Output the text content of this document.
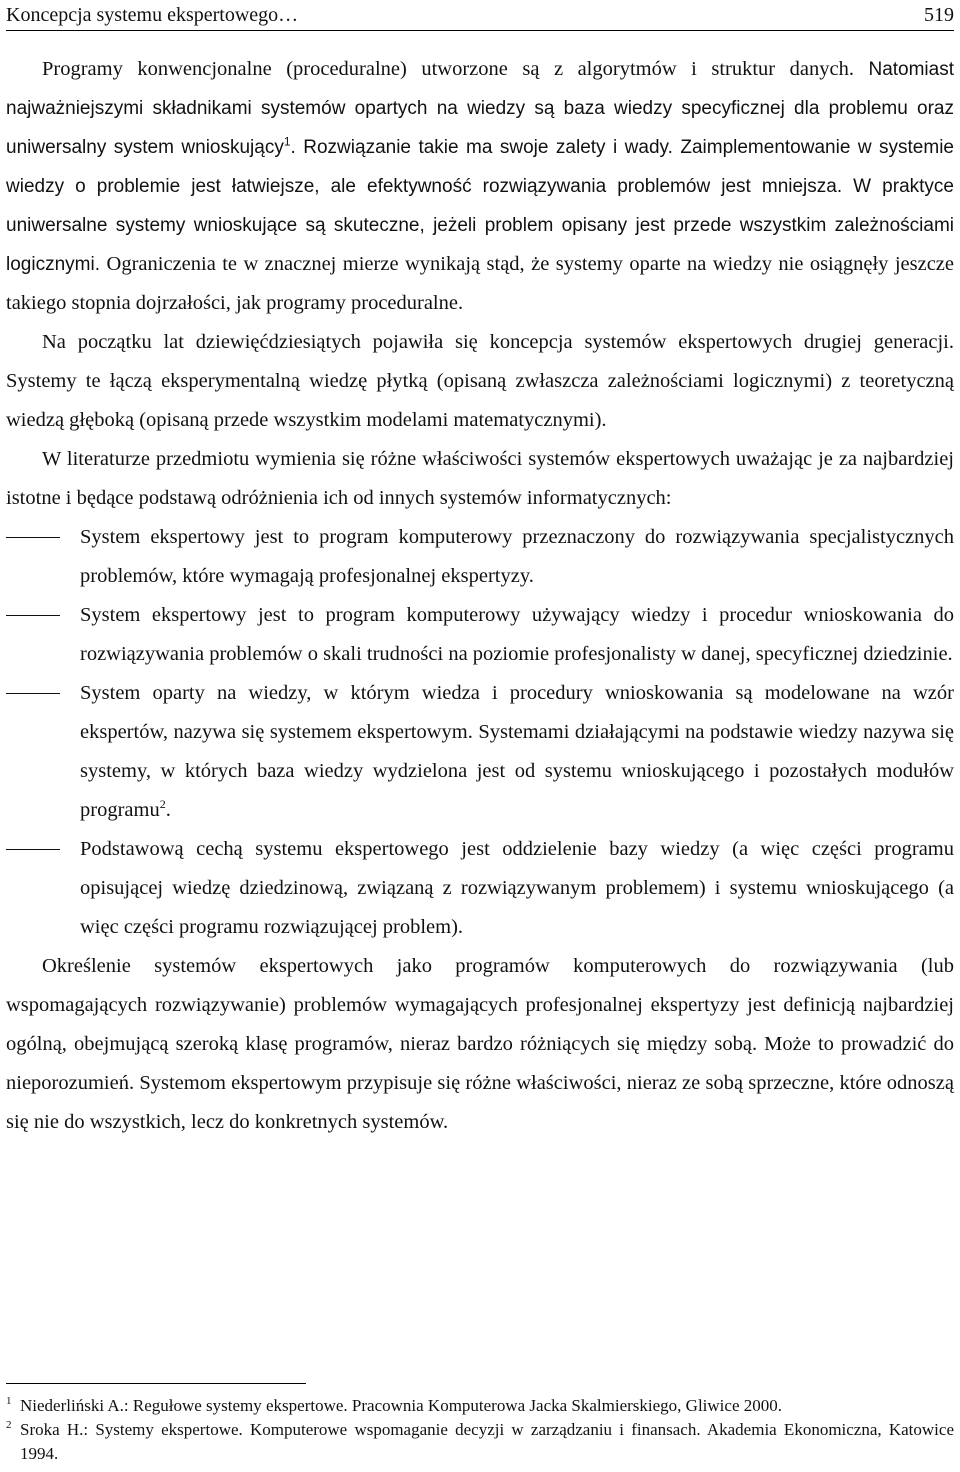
Koncepcja systemu ekspertowego…	519

Programy konwencjonalne (proceduralne) utworzone są z algorytmów i struktur danych. Natomiast najważniejszymi składnikami systemów opartych na wiedzy są baza wiedzy specyficznej dla problemu oraz uniwersalny system wnioskujący$^1$. Rozwiązanie takie ma swoje zalety i wady. Zaimplementowanie w systemie wiedzy o problemie jest łatwiejsze, ale efektywność rozwiązywania problemów jest mniejsza. W praktyce uniwersalne systemy wnioskujące są skuteczne, jeżeli problem opisany jest przede wszystkim zależnościami logicznymi. Ograniczenia te w znacznej mierze wynikają stąd, że systemy oparte na wiedzy nie osiągnęły jeszcze takiego stopnia dojrzałości, jak programy proceduralne.

Na początku lat dziewięćdziesiątych pojawiła się koncepcja systemów ekspertowych drugiej generacji. Systemy te łączą eksperymentalną wiedzę płytką (opisaną zwłaszcza zależnościami logicznymi) z teoretyczną wiedzą głęboką (opisaną przede wszystkim modelami matematycznymi).

W literaturze przedmiotu wymienia się różne właściwości systemów ekspertowych uważając je za najbardziej istotne i będące podstawą odróżnienia ich od innych systemów informatycznych:

System ekspertowy jest to program komputerowy przeznaczony do rozwiązywania specjalistycznych problemów, które wymagają profesjonalnej ekspertyzy.
System ekspertowy jest to program komputerowy używający wiedzy i procedur wnioskowania do rozwiązywania problemów o skali trudności na poziomie profesjonalisty w danej, specyficznej dziedzinie.
System oparty na wiedzy, w którym wiedza i procedury wnioskowania są modelowane na wzór ekspertów, nazywa się systemem ekspertowym. Systemami działającymi na podstawie wiedzy nazywa się systemy, w których baza wiedzy wydzielona jest od systemu wnioskującego i pozostałych modułów programu$^2$.
Podstawową cechą systemu ekspertowego jest oddzielenie bazy wiedzy (a więc części programu opisującej wiedzę dziedzinową, związaną z rozwiązywanym problemem) i systemu wnioskującego (a więc części programu rozwiązującej problem).

Określenie systemów ekspertowych jako programów komputerowych do rozwiązywania (lub wspomagających rozwiązywanie) problemów wymagających profesjonalnej ekspertyzy jest definicją najbardziej ogólną, obejmującą szeroką klasę programów, nieraz bardzo różniących się między sobą. Może to prowadzić do nieporozumień. Systemom ekspertowym przypisuje się różne właściwości, nieraz ze sobą sprzeczne, które odnoszą się nie do wszystkich, lecz do konkretnych systemów.

1 Niederliński A.: Regułowe systemy ekspertowe. Pracownia Komputerowa Jacka Skalmierskiego, Gliwice 2000.

2 Sroka H.: Systemy ekspertowe. Komputerowe wspomaganie decyzji w zarządzaniu i finansach. Akademia Ekonomiczna, Katowice 1994.
